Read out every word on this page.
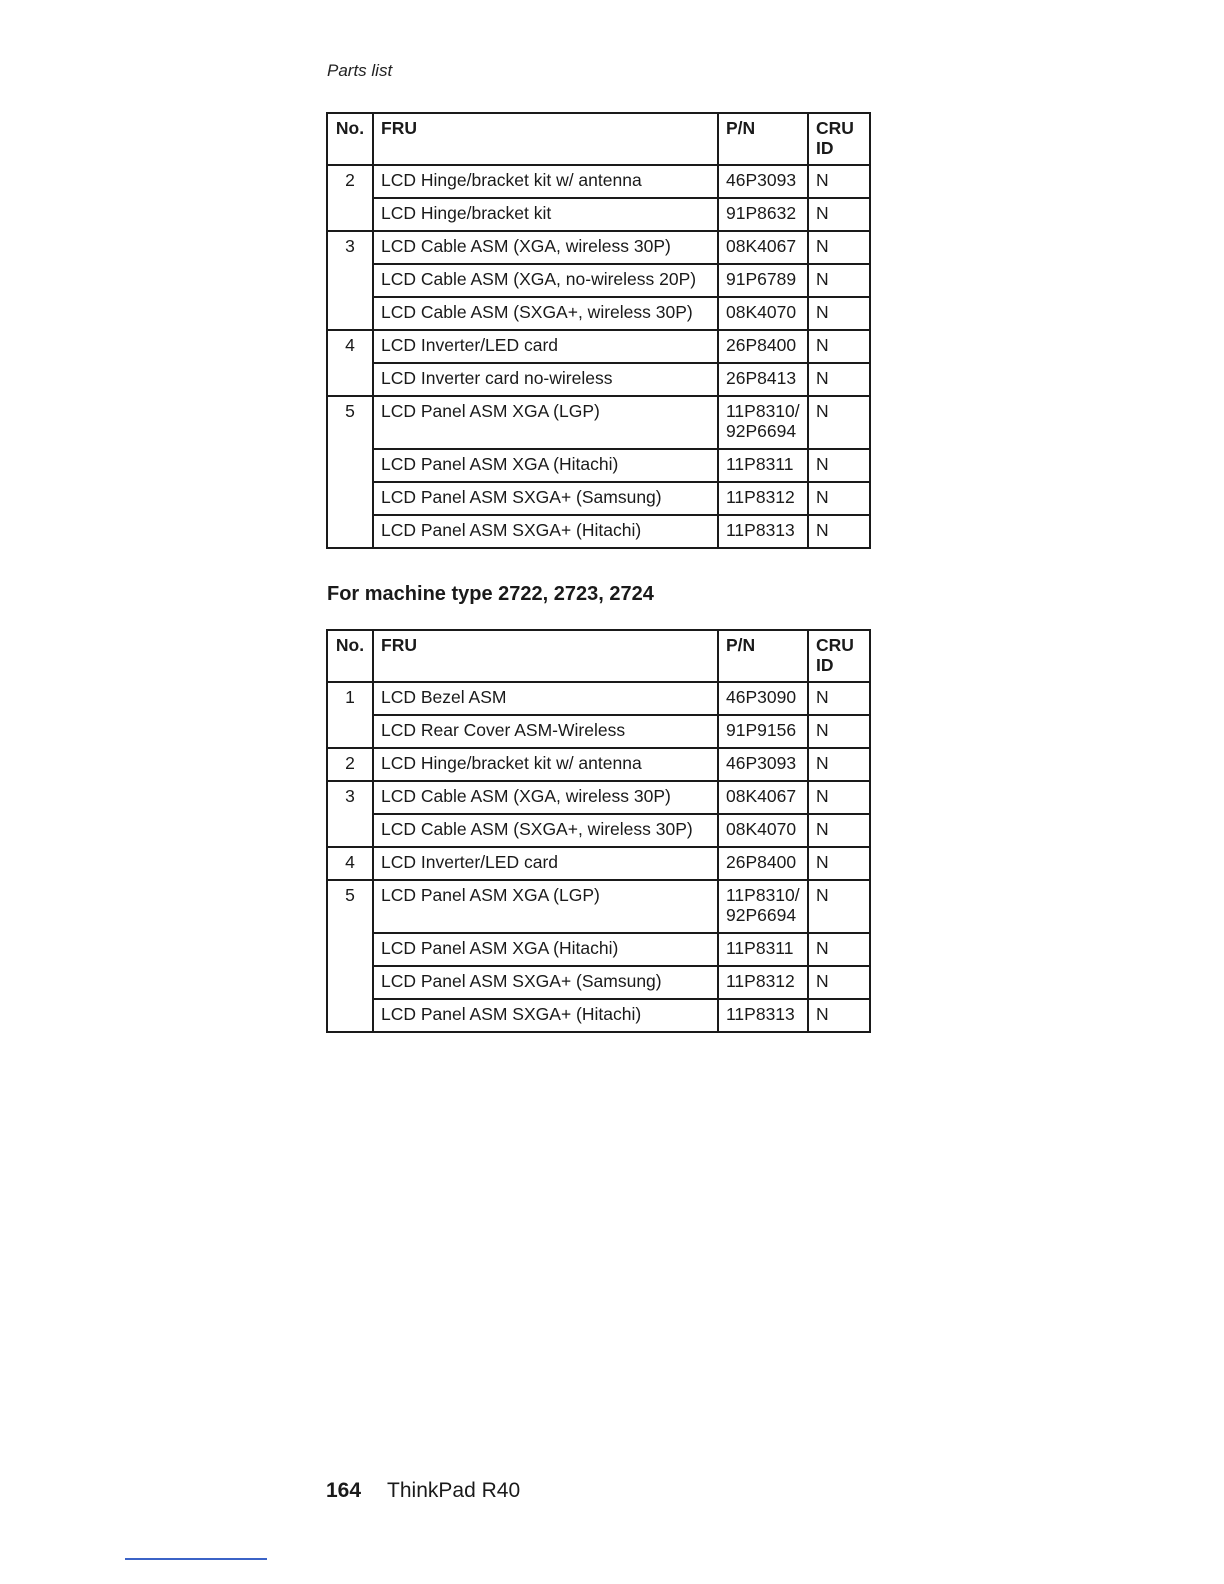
Parts list
No.	FRU	P/N	CRU ID
2	LCD Hinge/bracket kit w/ antenna	46P3093	N
	LCD Hinge/bracket kit	91P8632	N
3	LCD Cable ASM (XGA, wireless 30P)	08K4067	N
	LCD Cable ASM (XGA, no-wireless 20P)	91P6789	N
	LCD Cable ASM (SXGA+, wireless 30P)	08K4070	N
4	LCD Inverter/LED card	26P8400	N
	LCD Inverter card no-wireless	26P8413	N
5	LCD Panel ASM XGA (LGP)	11P8310/ 92P6694	N
	LCD Panel ASM XGA (Hitachi)	11P8311	N
	LCD Panel ASM SXGA+ (Samsung)	11P8312	N
	LCD Panel ASM SXGA+ (Hitachi)	11P8313	N
For machine type 2722, 2723, 2724
No.	FRU	P/N	CRU ID
1	LCD Bezel ASM	46P3090	N
	LCD Rear Cover ASM-Wireless	91P9156	N
2	LCD Hinge/bracket kit w/ antenna	46P3093	N
3	LCD Cable ASM (XGA, wireless 30P)	08K4067	N
	LCD Cable ASM (SXGA+, wireless 30P)	08K4070	N
4	LCD Inverter/LED card	26P8400	N
5	LCD Panel ASM XGA (LGP)	11P8310/ 92P6694	N
	LCD Panel ASM XGA (Hitachi)	11P8311	N
	LCD Panel ASM SXGA+ (Samsung)	11P8312	N
	LCD Panel ASM SXGA+ (Hitachi)	11P8313	N
164 ThinkPad R40
